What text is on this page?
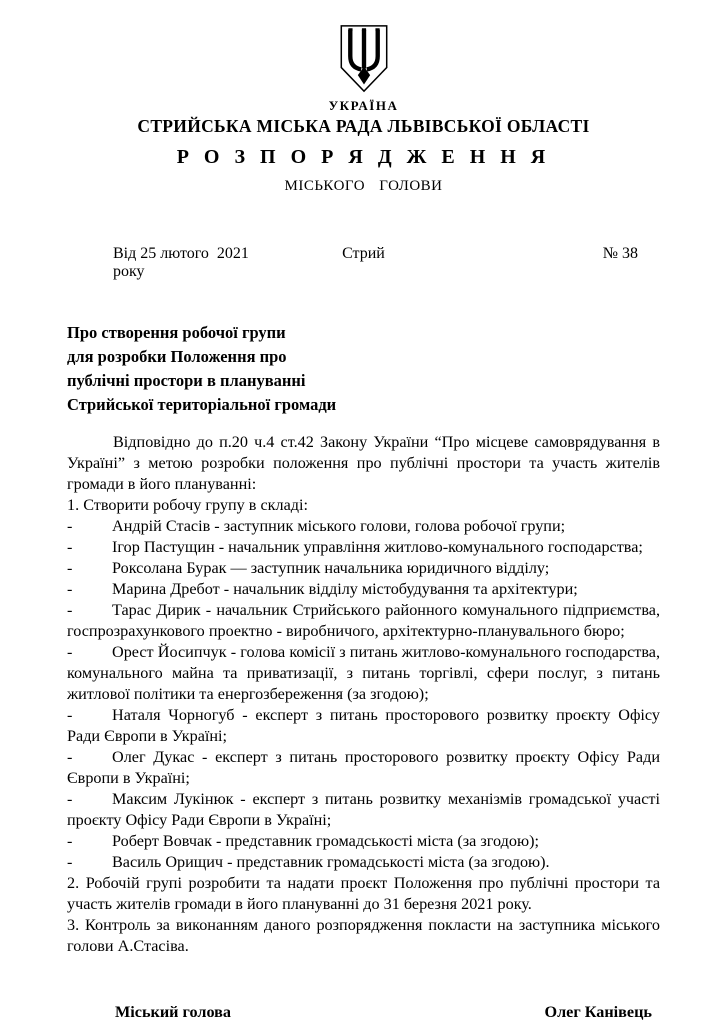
УКРАЇНА
СТРИЙСЬКА МІСЬКА РАДА ЛЬВІВСЬКОЇ ОБЛАСТІ
Р О З П О Р Я Д Ж Е Н Н Я
МІСЬКОГО ГОЛОВИ
Від 25 лютого  2021 року
Стрий	№ 38
Про створення робочої групи
для розробки Положення про
публічні простори в плануванні
Стрийської територіальної громади
Відповідно до п.20 ч.4 ст.42 Закону України “Про місцеве самоврядування в Україні” з метою розробки положення про публічні простори та участь жителів громади в його плануванні:
1. Створити робочу групу в складі:
- Андрій Стасів - заступник міського голови, голова робочої групи;
- Ігор Пастущин - начальник управління житлово-комунального господарства;
- Роксолана Бурак — заступник начальника юридичного відділу;
- Марина Дребот - начальник відділу містобудування та архітектури;
- Тарас Дирик - начальник Стрийського районного комунального підприємства, госпрозрахункового проектно - виробничого, архітектурно-планувального бюро;
- Орест Йосипчук - голова комісії з питань житлово-комунального господарства, комунального майна та приватизації, з питань торгівлі, сфери послуг, з питань житлової політики та енергозбереження (за згодою);
- Наталя Чорногуб - експерт з питань просторового розвитку проєкту Офісу Ради Європи в Україні;
- Олег Дукас - експерт з питань просторового розвитку проєкту Офісу Ради Європи в Україні;
- Максим Лукінюк - експерт з питань розвитку механізмів громадської участі проєкту Офісу Ради Європи в Україні;
- Роберт Вовчак - представник громадськості міста (за згодою);
- Василь Орищич - представник громадськості міста (за згодою).
2. Робочій групі розробити та надати проєкт Положення про публічні простори та участь жителів громади в його плануванні до 31 березня 2021 року.
3. Контроль за виконанням даного розпорядження покласти на заступника міського голови А.Стасіва.
Міський голова	Олег Канівець
